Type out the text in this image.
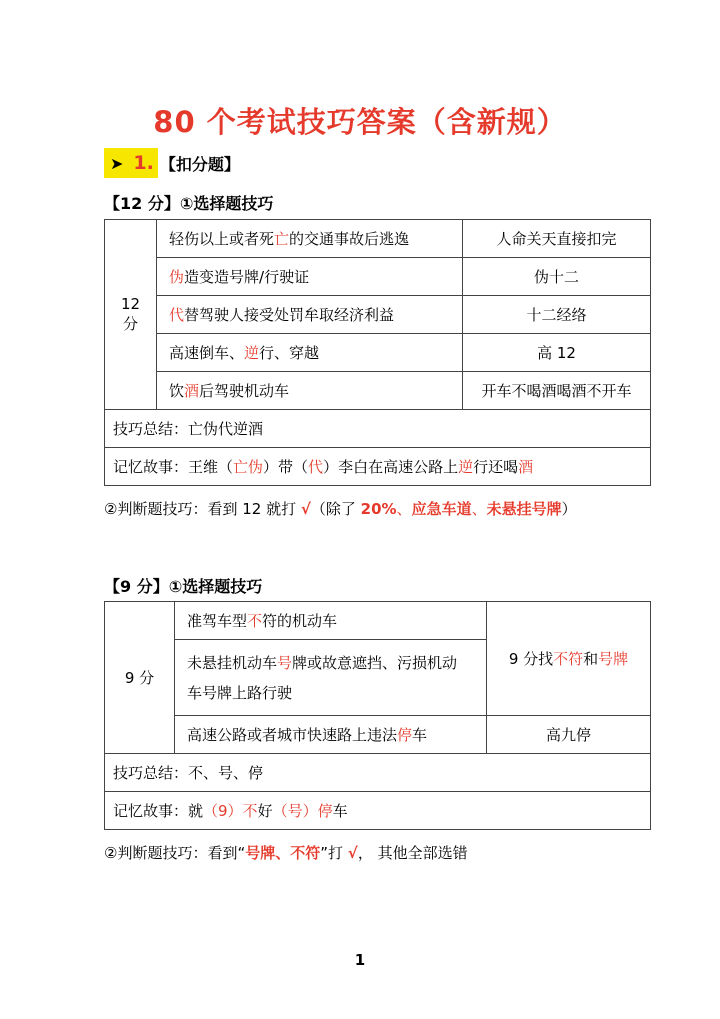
80 个考试技巧答案（含新规）
➤ 1. 【扣分题】
【12 分】①选择题技巧
12 分	轻伤以上或者死亡的交通事故后逃逸	人命关天直接扣完
	伪造变造号牌/行驶证	伪十二
	代替驾驶人接受处罚牟取经济利益	十二经络
	高速倒车、逆行、穿越	高 12
	饮酒后驾驶机动车	开车不喝酒喝酒不开车
技巧总结：亡伪代逆酒		
记忆故事：王维（亡伪）带（代）李白在高速公路上逆行还喝酒		
②判断题技巧：看到 12 就打 √（除了 20%、应急车道、未悬挂号牌）
【9 分】①选择题技巧
9 分	准驾车型不符的机动车	9 分找不符和号牌
	未悬挂机动车号牌或故意遮挡、污损机动
车号牌上路行驶	
	高速公路或者城市快速路上违法停车	高九停
技巧总结：不、号、停		
记忆故事：就（9）不好（号）停车		
②判断题技巧：看到“号牌、不符”打 √， 其他全部选错
1
